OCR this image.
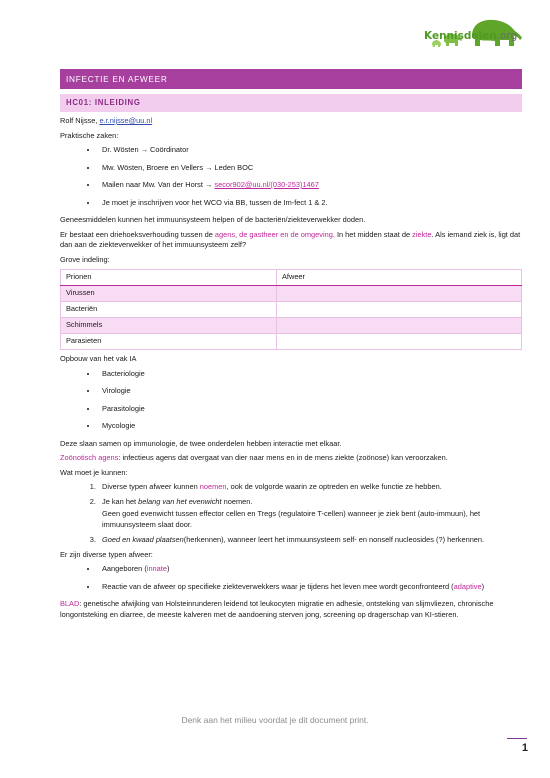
Kennisdelen.org
INFECTIE EN AFWEER
HC01: INLEIDING

Rolf Nijsse, e.r.nijsse@uu.nl

Praktische zaken:

• Dr. Wösten → Coördinator
• Mw. Wösten, Broere en Vellers → Leden BOC
• Mailen naar Mw. Van der Horst → secor902@uu.nl/(030-253)1467
• Je moet je inschrijven voor het WCO via BB, tussen de Im-fect 1 & 2.

Geneesmiddelen kunnen het immuunsysteem helpen of de bacteriën/ziekteverwekker doden.

Er bestaat een driehoeksverhouding tussen de agens, de gastheer en de omgeving. In het midden staat de ziekte. Als iemand ziek is, ligt dat dan aan de ziekteverwekker of het immuunsysteem zelf?

Grove indeling:

Prionen	Afweer
Virussen	
Bacteriën	
Schimmels	
Parasieten	

Opbouw van het vak IA

• Bacteriologie
• Virologie
• Parasitologie
• Mycologie

Deze slaan samen op immunologie, de twee onderdelen hebben interactie met elkaar.

Zoönotisch agens: infectieus agens dat overgaat van dier naar mens en in de mens ziekte (zoönose) kan veroorzaken.

Wat moet je kunnen:

1. Diverse typen afweer kunnen noemen, ook de volgorde waarin ze optreden en welke functie ze hebben.
2. Je kan het belang van het evenwicht noemen.
Geen goed evenwicht tussen effector cellen en Tregs (regulatoire T-cellen) wanneer je ziek bent (auto-immuun), het immuunsysteem slaat door.
3. Goed en kwaad plaatsen(herkennen), wanneer leert het immuunsysteem self- en nonself nucleosides (?) herkennen.

Er zijn diverse typen afweer:

• Aangeboren (innate)
• Reactie van de afweer op specifieke ziekteverwekkers waar je tijdens het leven mee wordt geconfronteerd (adaptive)

BLAD: genetische afwijking van Holsteinrunderen leidend tot leukocyten migratie en adhesie, ontsteking van slijmvliezen, chronische longontsteking en diarree, de meeste kalveren met de aandoening sterven jong, screening op dragerschap van KI-stieren.

Denk aan het milieu voordat je dit document print.
1
